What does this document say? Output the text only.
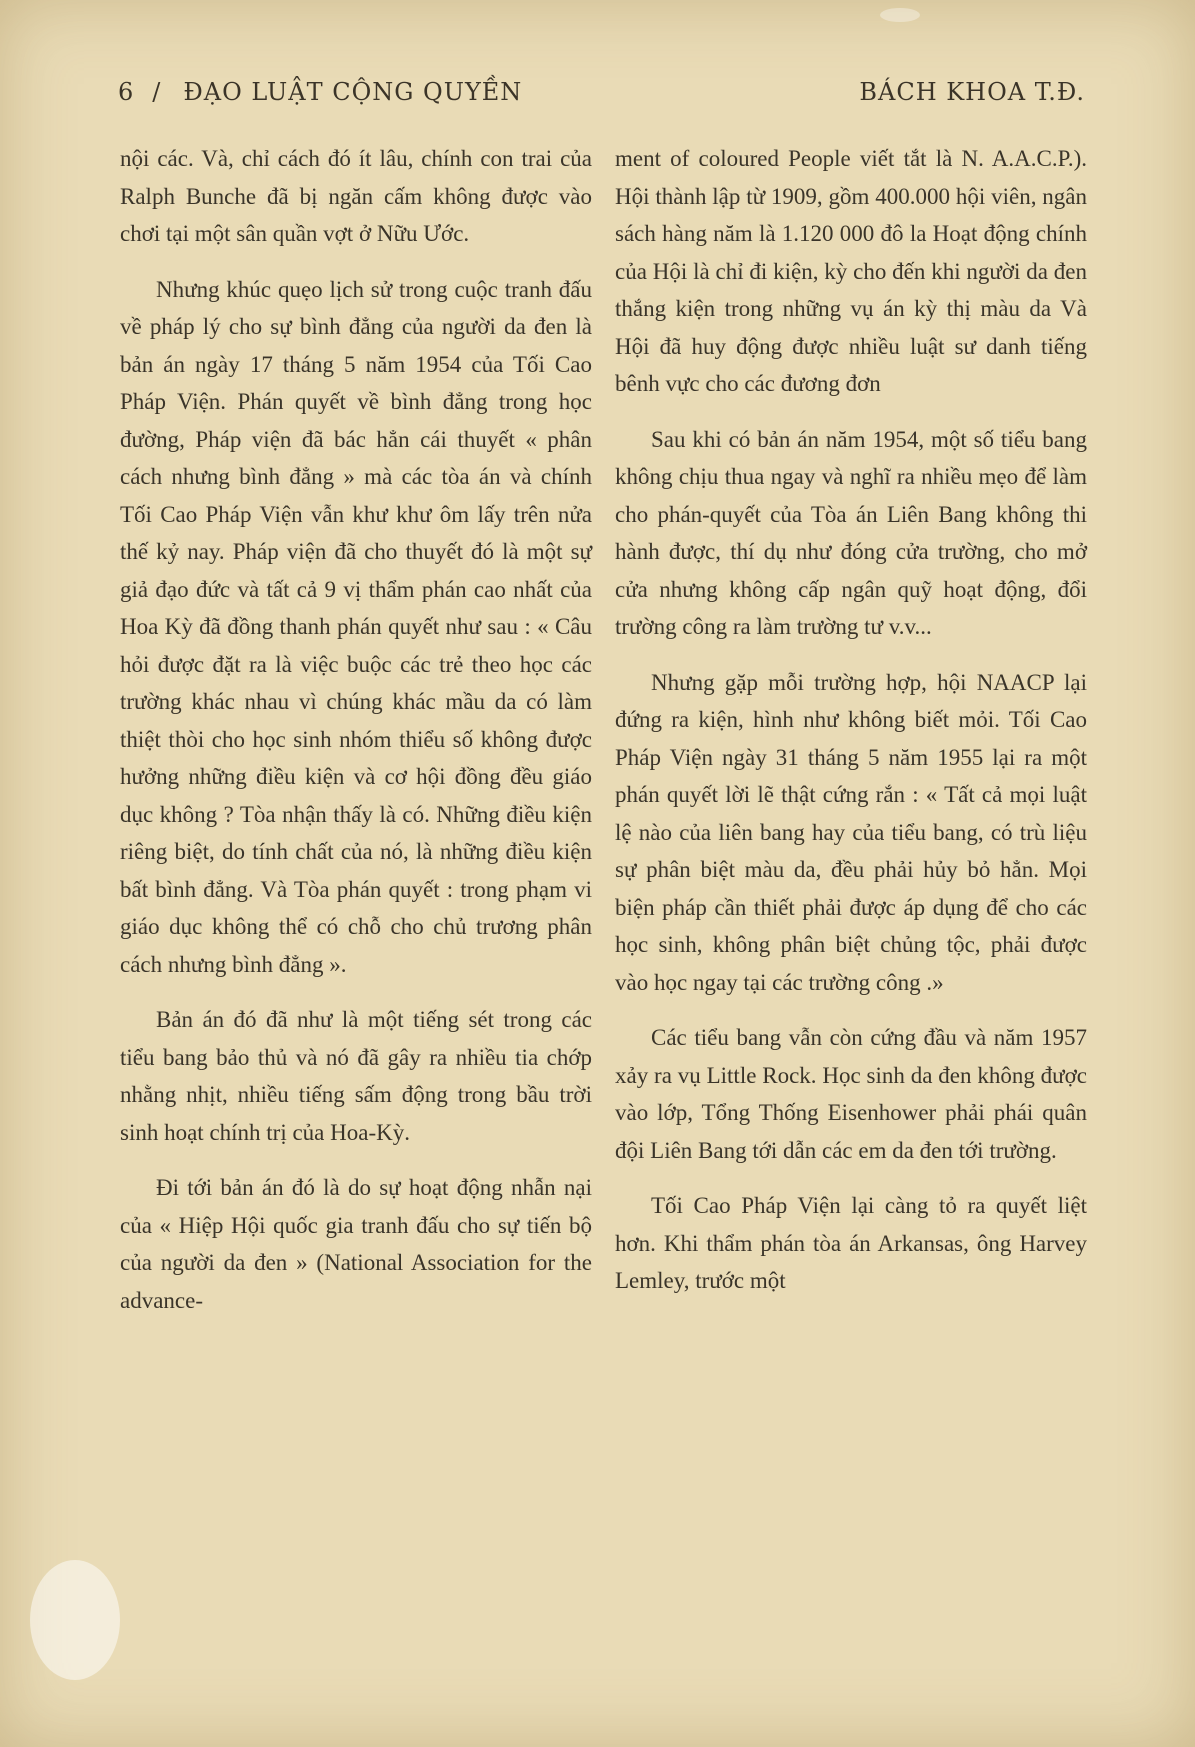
6 / ĐẠO LUẬT CỘNG QUYỀN	BÁCH KHOA T.Đ.

nội các. Và, chỉ cách đó ít lâu, chính con trai của Ralph Bunche đã bị ngăn cấm không được vào chơi tại một sân quần vợt ở Nữu Ước.

Nhưng khúc quẹo lịch sử trong cuộc tranh đấu về pháp lý cho sự bình đẳng của người da đen là bản án ngày 17 tháng 5 năm 1954 của Tối Cao Pháp Viện. Phán quyết về bình đẳng trong học đường, Pháp viện đã bác hẳn cái thuyết « phân cách nhưng bình đẳng » mà các tòa án và chính Tối Cao Pháp Viện vẫn khư khư ôm lấy trên nửa thế kỷ nay. Pháp viện đã cho thuyết đó là một sự giả đạo đức và tất cả 9 vị thẩm phán cao nhất của Hoa Kỳ đã đồng thanh phán quyết như sau : « Câu hỏi được đặt ra là việc buộc các trẻ theo học các trường khác nhau vì chúng khác mầu da có làm thiệt thòi cho học sinh nhóm thiểu số không được hưởng những điều kiện và cơ hội đồng đều giáo dục không ? Tòa nhận thấy là có. Những điều kiện riêng biệt, do tính chất của nó, là những điều kiện bất bình đẳng. Và Tòa phán quyết : trong phạm vi giáo dục không thể có chỗ cho chủ trương phân cách nhưng bình đẳng ».

Bản án đó đã như là một tiếng sét trong các tiểu bang bảo thủ và nó đã gây ra nhiều tia chớp nhằng nhịt, nhiều tiếng sấm động trong bầu trời sinh hoạt chính trị của Hoa-Kỳ.

Đi tới bản án đó là do sự hoạt động nhẫn nại của « Hiệp Hội quốc gia tranh đấu cho sự tiến bộ của người da đen » (National Association for the advance-

ment of coloured People viết tắt là N. A.A.C.P.). Hội thành lập từ 1909, gồm 400.000 hội viên, ngân sách hàng năm là 1.120 000 đô la Hoạt động chính của Hội là chỉ đi kiện, kỳ cho đến khi người da đen thắng kiện trong những vụ án kỳ thị màu da Và Hội đã huy động được nhiều luật sư danh tiếng bênh vực cho các đương đơn

Sau khi có bản án năm 1954, một số tiểu bang không chịu thua ngay và nghĩ ra nhiều mẹo để làm cho phán-quyết của Tòa án Liên Bang không thi hành được, thí dụ như đóng cửa trường, cho mở cửa nhưng không cấp ngân quỹ hoạt động, đổi trường công ra làm trường tư v.v...

Nhưng gặp mỗi trường hợp, hội NAACP lại đứng ra kiện, hình như không biết mỏi. Tối Cao Pháp Viện ngày 31 tháng 5 năm 1955 lại ra một phán quyết lời lẽ thật cứng rắn : « Tất cả mọi luật lệ nào của liên bang hay của tiểu bang, có trù liệu sự phân biệt màu da, đều phải hủy bỏ hẳn. Mọi biện pháp cần thiết phải được áp dụng để cho các học sinh, không phân biệt chủng tộc, phải được vào học ngay tại các trường công .»

Các tiểu bang vẫn còn cứng đầu và năm 1957 xảy ra vụ Little Rock. Học sinh da đen không được vào lớp, Tổng Thống Eisenhower phải phái quân đội Liên Bang tới dẫn các em da đen tới trường.

Tối Cao Pháp Viện lại càng tỏ ra quyết liệt hơn. Khi thẩm phán tòa án Arkansas, ông Harvey Lemley, trước một
